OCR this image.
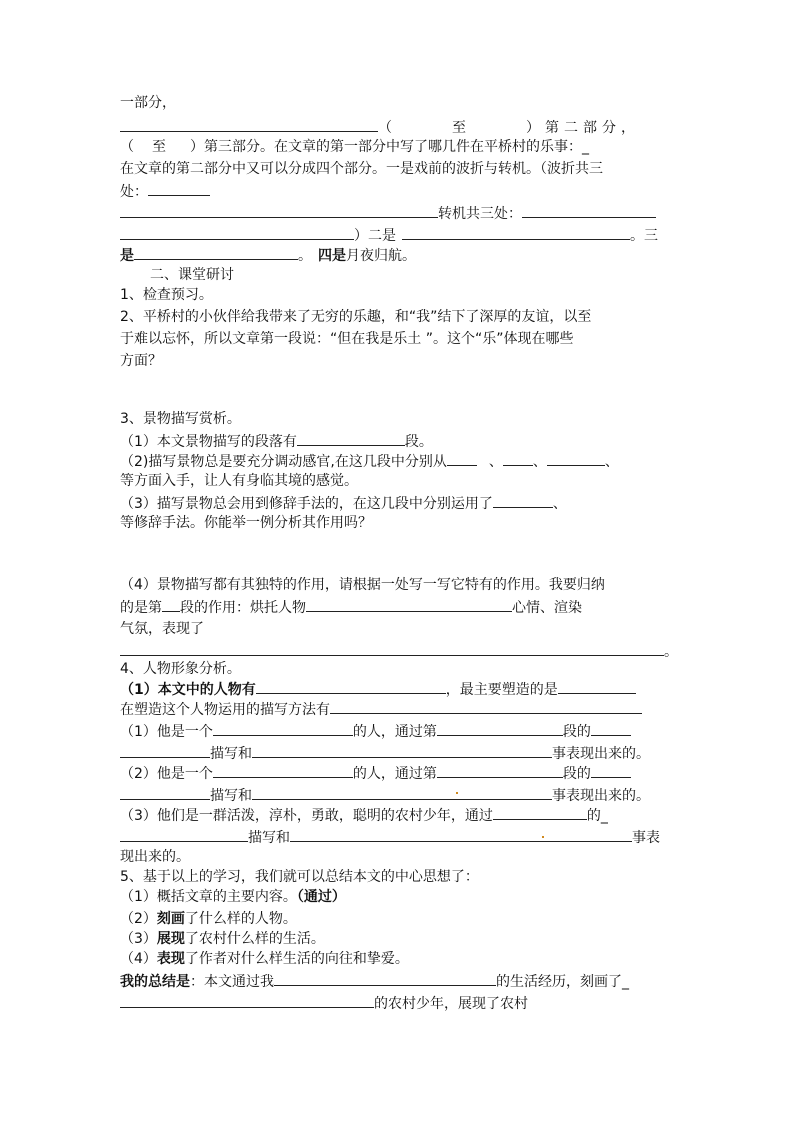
一部分，
（	至	）第二部分，
（ 至 ）第三部分。在文章的第一部分中写了哪几件在平桥村的乐事：_
在文章的第二部分中又可以分成四个部分。一是戏前的波折与转机。（波折共三
处：
转机共三处：
）二是	。三
是	。 四是月夜归航。
二、课堂研讨
1、检查预习。
2、平桥村的小伙伴给我带来了无穷的乐趣，和“我”结下了深厚的友谊，以至
于难以忘怀，所以文章第一段说：“但在我是乐土 ”。这个“乐”体现在哪些
方面？
3、景物描写赏析。
（1）本文景物描写的段落有	段。
（2)描写景物总是要充分调动感官,在这几段中分别从	、 、	、
等方面入手，让人有身临其境的感觉。
（3）描写景物总会用到修辞手法的，在这几段中分别运用了	、
等修辞手法。你能举一例分析其作用吗？
（4）景物描写都有其独特的作用，请根据一处写一写它特有的作用。我要归纳
的是第 段的作用：烘托人物	心情、渲染
气氛，表现了
。
4、人物形象分析。
（1）本文中的人物有	，最主要塑造的是
在塑造这个人物运用的描写方法有
（1）他是一个	的人，通过第	段的
描写和	事表现出来的。
（2）他是一个	的人，通过第	段的
描写和	事表现出来的。
（3）他们是一群活泼，淳朴，勇敢，聪明的农村少年，通过	的_
描写和	事表
现出来的。
5、基于以上的学习，我们就可以总结本文的中心思想了：
（1）概括文章的主要内容。（通过）
（2）刻画了什么样的人物。
（3）展现了农村什么样的生活。
（4）表现了作者对什么样生活的向往和挚爱。
我的总结是：本文通过我	的生活经历，刻画了_
的农村少年，展现了农村
